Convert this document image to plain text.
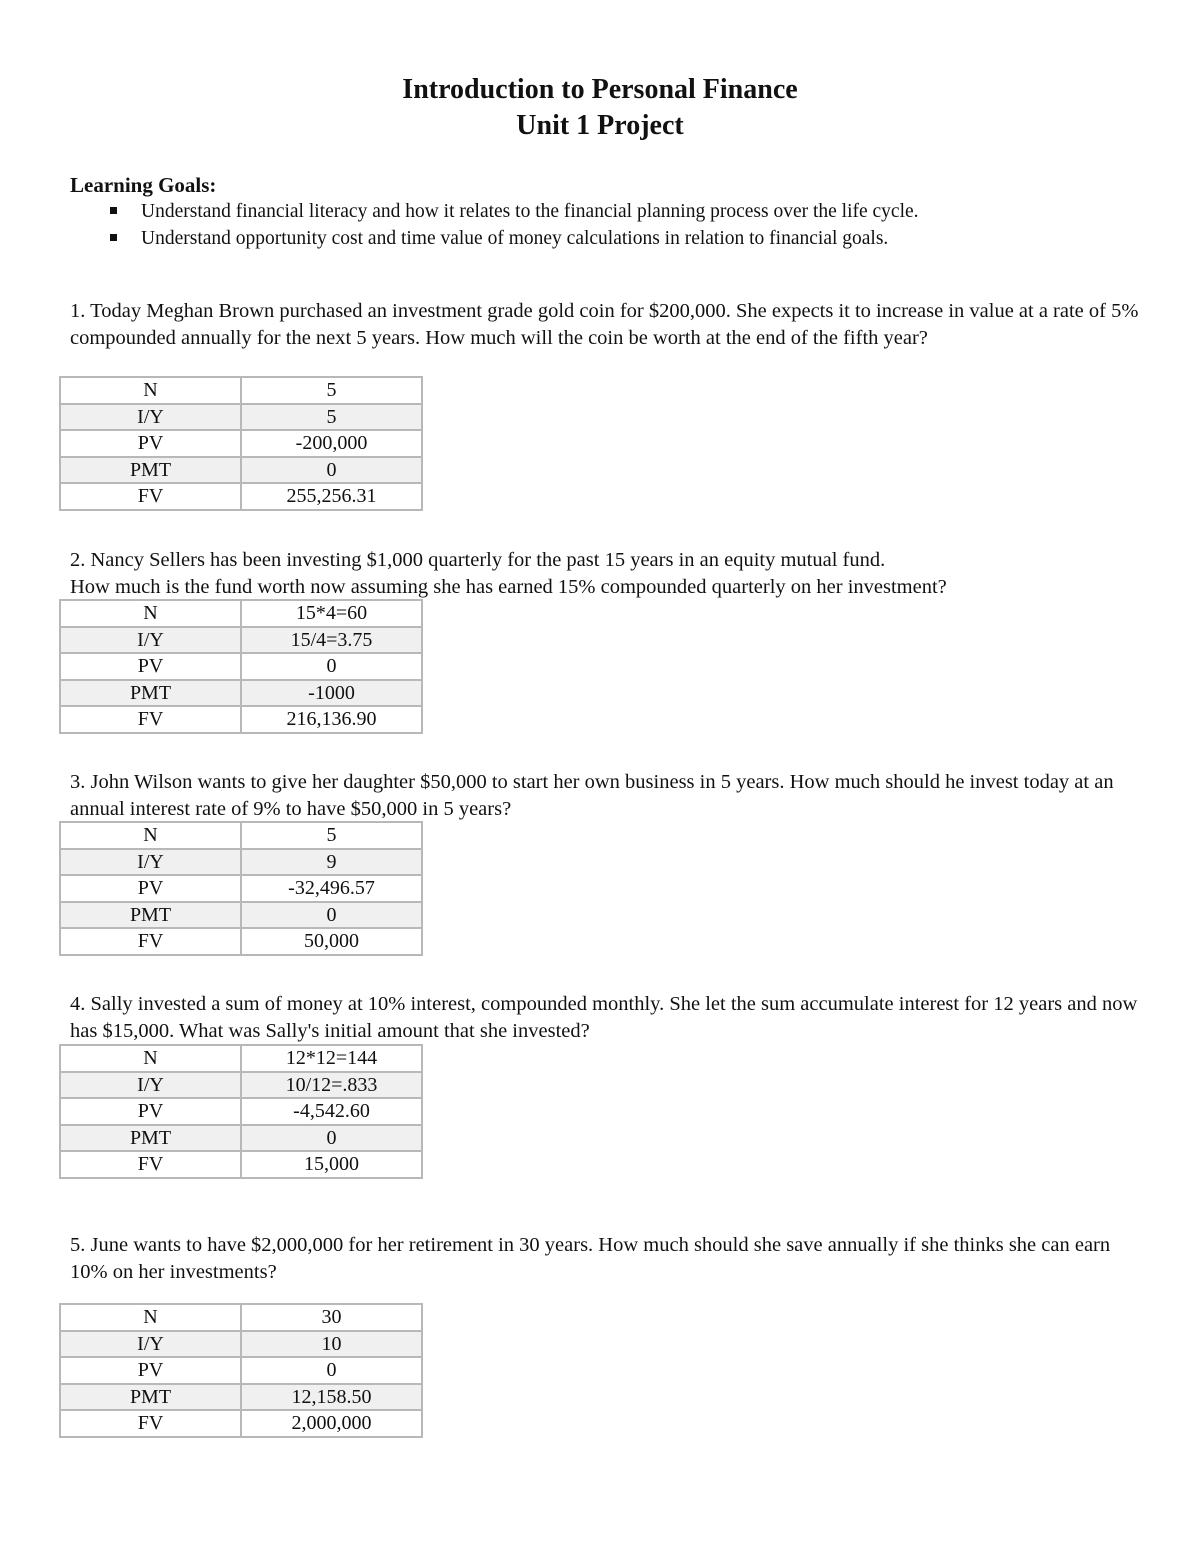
Introduction to Personal Finance
Unit 1 Project
Learning Goals:
Understand financial literacy and how it relates to the financial planning process over the life cycle.
Understand opportunity cost and time value of money calculations in relation to financial goals.

1. Today Meghan Brown purchased an investment grade gold coin for $200,000. She expects it to increase in value at a rate of 5% compounded annually for the next 5 years. How much will the coin be worth at the end of the fifth year?

N	5
I/Y	5
PV	-200,000
PMT	0
FV	255,256.31

2. Nancy Sellers has been investing $1,000 quarterly for the past 15 years in an equity mutual fund.
How much is the fund worth now assuming she has earned 15% compounded quarterly on her investment?

N	15*4=60
I/Y	15/4=3.75
PV	0
PMT	-1000
FV	216,136.90

3. John Wilson wants to give her daughter $50,000 to start her own business in 5 years. How much should he invest today at an annual interest rate of 9% to have $50,000 in 5 years?

N	5
I/Y	9
PV	-32,496.57
PMT	0
FV	50,000

4. Sally invested a sum of money at 10% interest, compounded monthly. She let the sum accumulate interest for 12 years and now has $15,000. What was Sally's initial amount that she invested?

N	12*12=144
I/Y	10/12=.833
PV	-4,542.60
PMT	0
FV	15,000

5. June wants to have $2,000,000 for her retirement in 30 years. How much should she save annually if she thinks she can earn 10% on her investments?

N	30
I/Y	10
PV	0
PMT	12,158.50
FV	2,000,000
